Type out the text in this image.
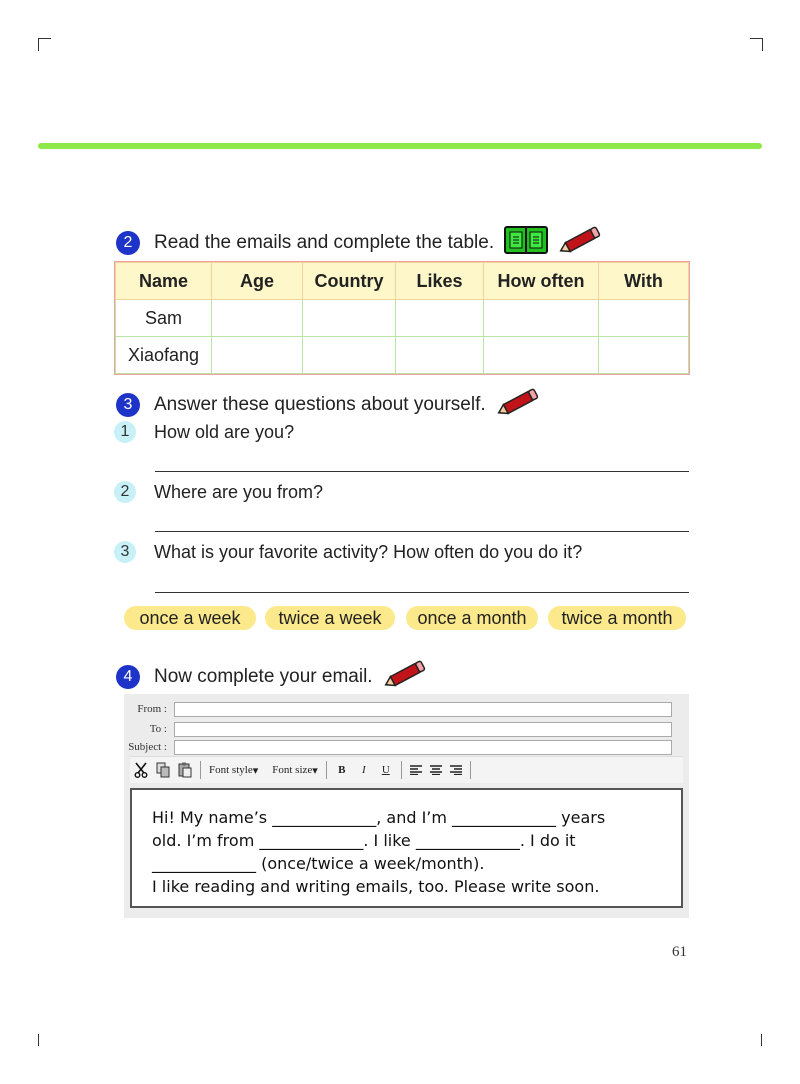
2	Read the emails and complete the table.
Name	Age	Country	Likes	How often	With
Sam					
Xiaofang					
3	Answer these questions about yourself.
1	How old are you?
2	Where are you from?
3	What is your favorite activity? How often do you do it?
once a week	twice a week	once a month	twice a month
4	Now complete your email.
From :
To :
Subject :
Font style ▾ Font size ▾	B	I	U
Hi! My name’s _____________, and I’m _____________ years
old. I’m from _____________. I like _____________. I do it
_____________ (once/twice a week/month).
I like reading and writing emails, too. Please write soon.
61
